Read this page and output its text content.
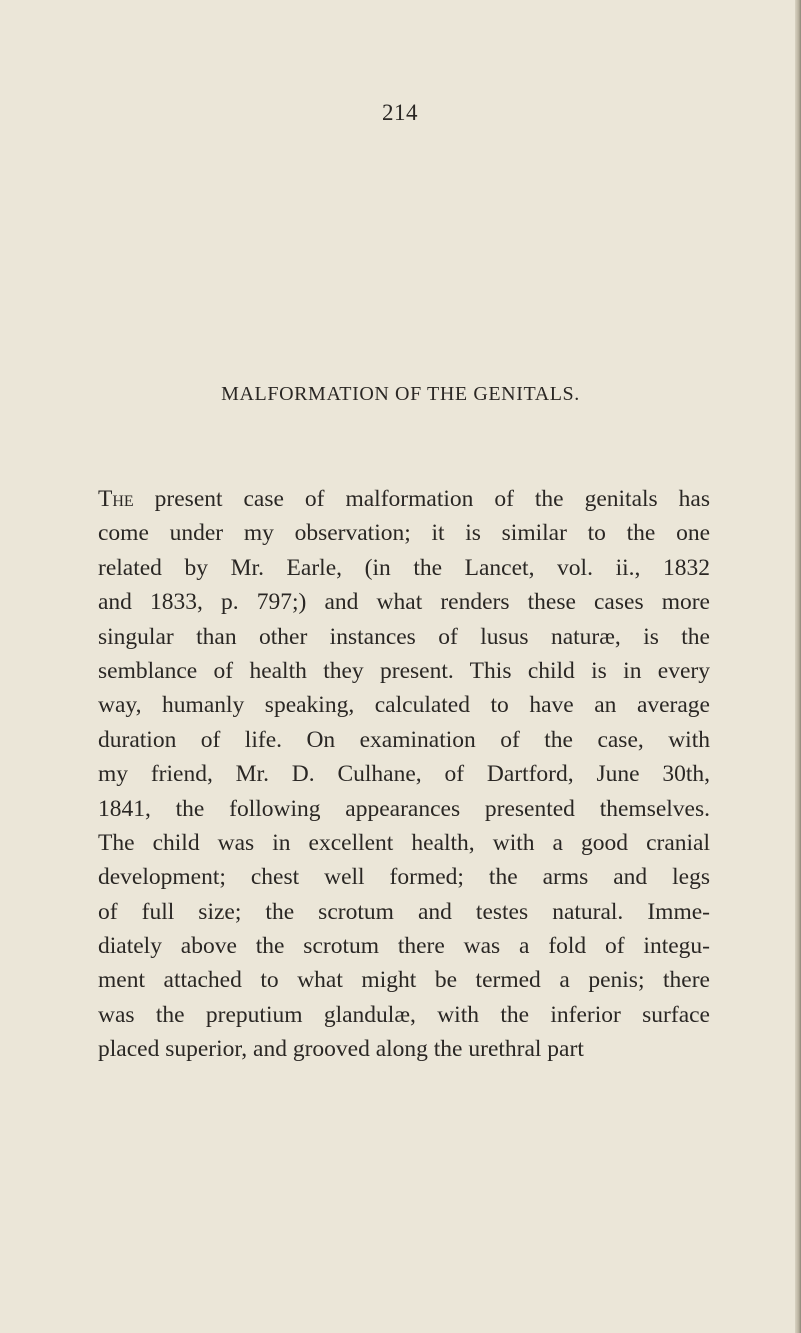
214

MALFORMATION OF THE GENITALS.
The present case of malformation of the genitals has
come under my observation; it is similar to the one
related by Mr. Earle, (in the Lancet, vol. ii., 1832
and 1833, p. 797;) and what renders these cases more
singular than other instances of lusus naturæ, is the
semblance of health they present. This child is in every
way, humanly speaking, calculated to have an average
duration of life. On examination of the case, with
my friend, Mr. D. Culhane, of Dartford, June 30th,
1841, the following appearances presented themselves.
The child was in excellent health, with a good cranial
development; chest well formed; the arms and legs
of full size; the scrotum and testes natural. Imme-
diately above the scrotum there was a fold of integu-
ment attached to what might be termed a penis; there
was the preputium glandulæ, with the inferior surface
placed superior, and grooved along the urethral part
